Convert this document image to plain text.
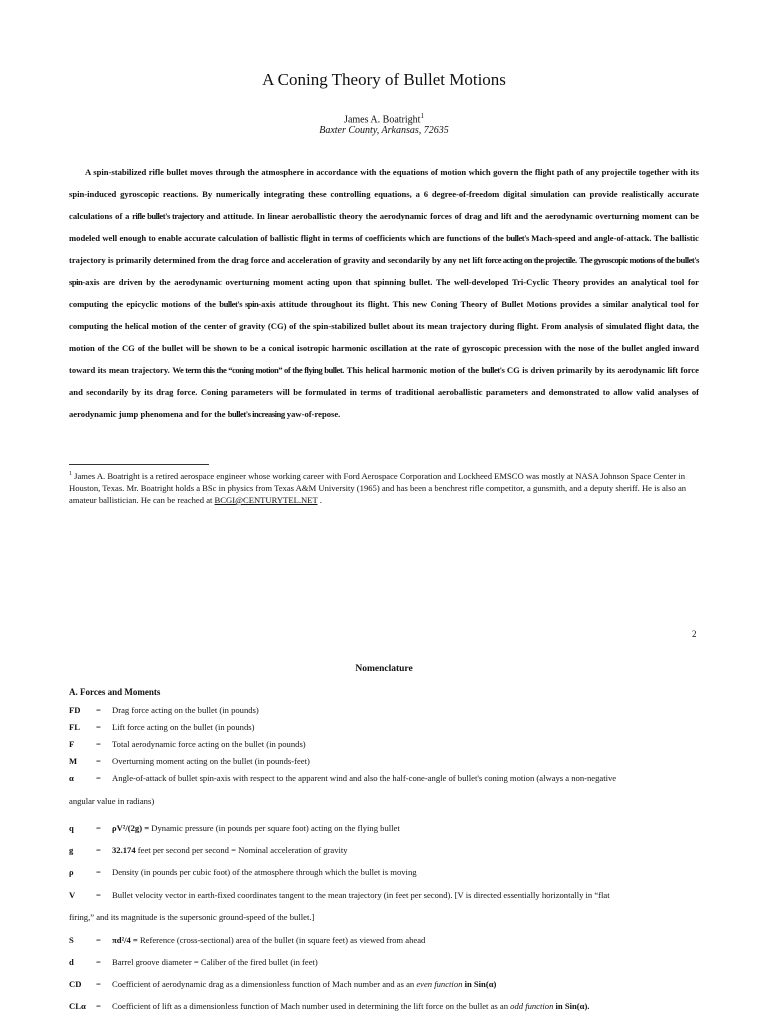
A Coning Theory of Bullet Motions
James A. Boatright$^1$
Baxter County, Arkansas, 72635
A spin-stabilized rifle bullet moves through the atmosphere in accordance with the equations of motion which govern the flight path of any projectile together with its spin-induced gyroscopic reactions. By numerically integrating these controlling equations, a 6 degree-of-freedom digital simulation can provide realistically accurate calculations of a rifle bullet's trajectory and attitude. In linear aeroballistic theory the aerodynamic forces of drag and lift and the aerodynamic overturning moment can be modeled well enough to enable accurate calculation of ballistic flight in terms of coefficients which are functions of the bullet's Mach-speed and angle-of-attack. The ballistic trajectory is primarily determined from the drag force and acceleration of gravity and secondarily by any net lift force acting on the projectile. The gyroscopic motions of the bullet's spin-axis are driven by the aerodynamic overturning moment acting upon that spinning bullet. The well-developed Tri-Cyclic Theory provides an analytical tool for computing the epicyclic motions of the bullet's spin-axis attitude throughout its flight. This new Coning Theory of Bullet Motions provides a similar analytical tool for computing the helical motion of the center of gravity (CG) of the spin-stabilized bullet about its mean trajectory during flight. From analysis of simulated flight data, the motion of the CG of the bullet will be shown to be a conical isotropic harmonic oscillation at the rate of gyroscopic precession with the nose of the bullet angled inward toward its mean trajectory. We term this the “coning motion” of the flying bullet. This helical harmonic motion of the bullet's CG is driven primarily by its aerodynamic lift force and secondarily by its drag force. Coning parameters will be formulated in terms of traditional aeroballistic parameters and demonstrated to allow valid analyses of aerodynamic jump phenomena and for the bullet's increasing yaw-of-repose.
$^1$ James A. Boatright is a retired aerospace engineer whose working career with Ford Aerospace Corporation and Lockheed EMSCO was mostly at NASA Johnson Space Center in Houston, Texas. Mr. Boatright holds a BSc in physics from Texas A&M University (1965) and has been a benchrest rifle competitor, a gunsmith, and a deputy sheriff. He is also an amateur ballistician. He can be reached at BCGI@CENTURYTEL.NET .
2
Nomenclature
A. Forces and Moments
FD = Drag force acting on the bullet (in pounds)
FL = Lift force acting on the bullet (in pounds)
F	= Total aerodynamic force acting on the bullet (in pounds)
M = Overturning moment acting on the bullet (in pounds-feet)
α	= Angle-of-attack of bullet spin-axis with respect to the apparent wind and also the half-cone-angle of bullet's coning motion (always a non-negative
angular value in radians)
q	= ρV²/(2g) = Dynamic pressure (in pounds per square foot) acting on the flying bullet
g	= 32.174 feet per second per second = Nominal acceleration of gravity
ρ	= Density (in pounds per cubic foot) of the atmosphere through which the bullet is moving
V = Bullet velocity vector in earth-fixed coordinates tangent to the mean trajectory (in feet per second). [V is directed essentially horizontally in “flat
firing,” and its magnitude is the supersonic ground-speed of the bullet.]
S	= πd²/4 = Reference (cross-sectional) area of the bullet (in square feet) as viewed from ahead
d	= Barrel groove diameter = Caliber of the fired bullet (in feet)
CD = Coefficient of aerodynamic drag as a dimensionless function of Mach number and as an even function in Sin(α)
CLα = Coefficient of lift as a dimensionless function of Mach number used in determining the lift force on the bullet as an odd function in Sin(α).
